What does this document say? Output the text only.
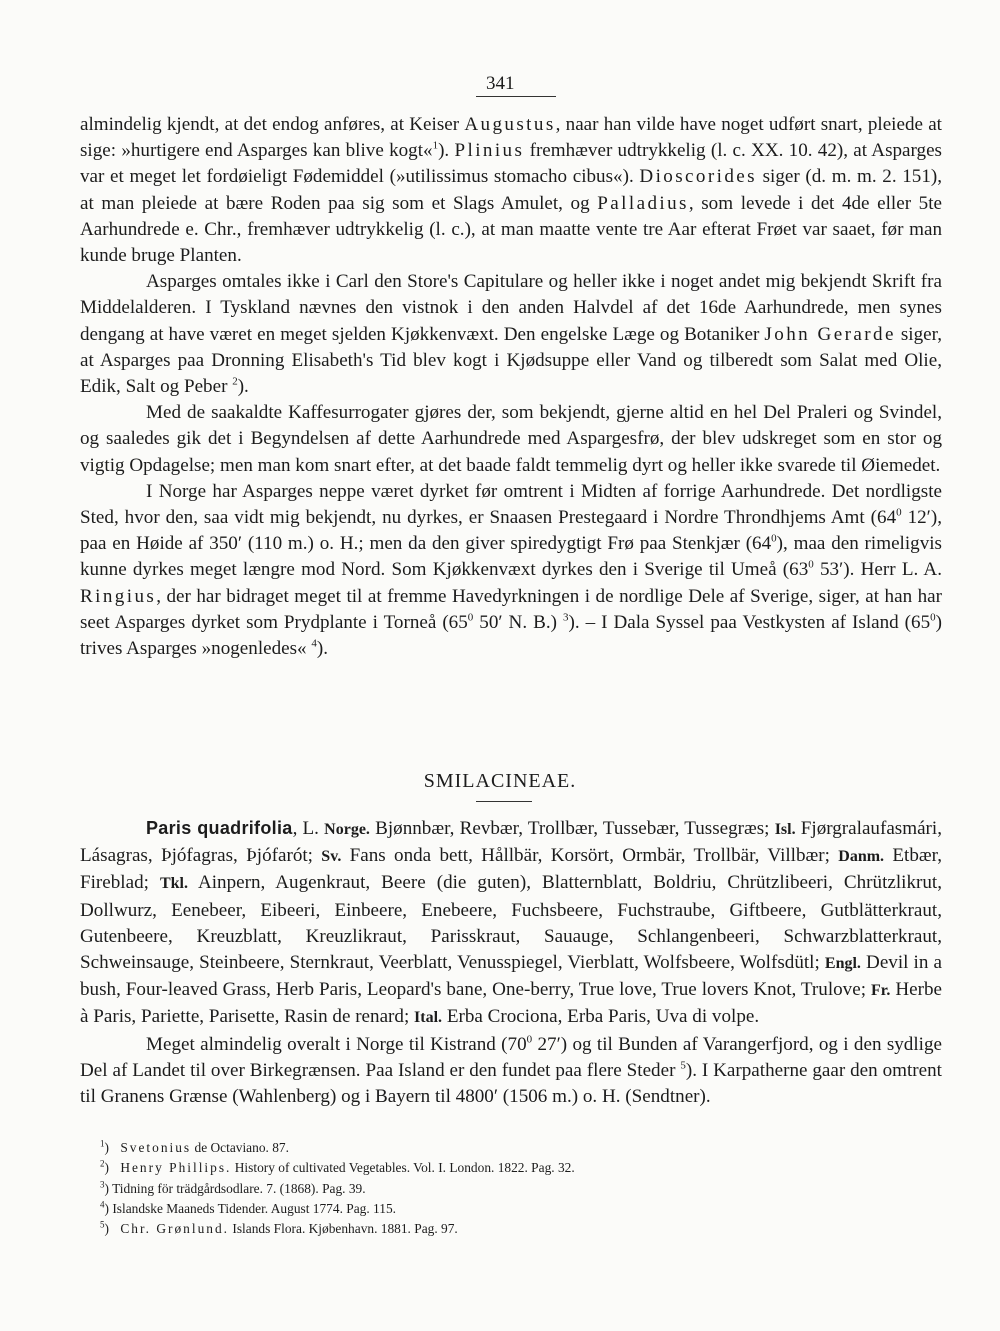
341

almindelig kjendt, at det endog anføres, at Keiser Augustus, naar han vilde have noget udført snart, pleiede at sige: »hurtigere end Asparges kan blive kogt«$^1$). Plinius fremhæver udtrykkelig (l. c. XX. 10. 42), at Asparges var et meget let fordøieligt Fødemiddel (»utilissimus stomacho cibus«). Dioscorides siger (d. m. m. 2. 151), at man pleiede at bære Roden paa sig som et Slags Amulet, og Palladius, som levede i det 4de eller 5te Aarhundrede e. Chr., fremhæver udtrykkelig (l. c.), at man maatte vente tre Aar efterat Frøet var saaet, før man kunde bruge Planten.

Asparges omtales ikke i Carl den Store's Capitulare og heller ikke i noget andet mig bekjendt Skrift fra Middelalderen. I Tyskland nævnes den vistnok i den anden Halvdel af det 16de Aarhundrede, men synes dengang at have været en meget sjelden Kjøkkenvæxt. Den engelske Læge og Botaniker John Gerarde siger, at Asparges paa Dronning Elisabeth's Tid blev kogt i Kjødsuppe eller Vand og tilberedt som Salat med Olie, Edik, Salt og Peber $^2$).

Med de saakaldte Kaffesurrogater gjøres der, som bekjendt, gjerne altid en hel Del Praleri og Svindel, og saaledes gik det i Begyndelsen af dette Aarhundrede med Aspargesfrø, der blev udskreget som en stor og vigtig Opdagelse; men man kom snart efter, at det baade faldt temmelig dyrt og heller ikke svarede til Øiemedet.

I Norge har Asparges neppe været dyrket før omtrent i Midten af forrige Aarhundrede. Det nordligste Sted, hvor den, saa vidt mig bekjendt, nu dyrkes, er Snaasen Prestegaard i Nordre Throndhjems Amt ($64^0$ 12′), paa en Høide af 350′ (110 m.) o. H.; men da den giver spiredygtigt Frø paa Stenkjær $(64^0)$, maa den rimeligvis kunne dyrkes meget længre mod Nord. Som Kjøkkenvæxt dyrkes den i Sverige til Umeå ($63^0$ 53′). Herr L. A. Ringius, der har bidraget meget til at fremme Havedyrkningen i de nordlige Dele af Sverige, siger, at han har seet Asparges dyrket som Prydplante i Torneå ($65^0$ 50′ N. B.) $^3$). – I Dala Syssel paa Vestkysten af Island $(65^0)$ trives Asparges »nogenledes« $^4$).

SMILACINEAE.

Paris quadrifolia, L. Norge. Bjønnbær, Revbær, Trollbær, Tussebær, Tussegræs; Isl. Fjørgralaufasmári, Lásagras, Þjófagras, Þjófarót; Sv. Fans onda bett, Hållbär, Korsört, Ormbär, Trollbär, Villbær; Danm. Etbær, Fireblad; Tkl. Ainpern, Augenkraut, Beere (die guten), Blatternblatt, Boldriu, Chrützlibeeri, Chrützlikrut, Dollwurz, Eenebeer, Eibeeri, Einbeere, Enebeere, Fuchsbeere, Fuchstraube, Giftbeere, Gutblätterkraut, Gutenbeere, Kreuzblatt, Kreuzlikraut, Parisskraut, Sauauge, Schlangenbeeri, Schwarzblatterkraut, Schweinsauge, Steinbeere, Sternkraut, Veerblatt, Venusspiegel, Vierblatt, Wolfsbeere, Wolfsdütl; Engl. Devil in a bush, Four-leaved Grass, Herb Paris, Leopard's bane, One-berry, True love, True lovers Knot, Trulove; Fr. Herbe à Paris, Pariette, Parisette, Rasin de renard; Ital. Erba Crociona, Erba Paris, Uva di volpe.

Meget almindelig overalt i Norge til Kistrand ($70^0$ 27′) og til Bunden af Varangerfjord, og i den sydlige Del af Landet til over Birkegrænsen. Paa Island er den fundet paa flere Steder $^5$). I Karpatherne gaar den omtrent til Granens Grænse (Wahlenberg) og i Bayern til 4800′ (1506 m.) o. H. (Sendtner).

$^1$) Svetonius de Octaviano. 87.
$^2$) Henry Phillips. History of cultivated Vegetables. Vol. I. London. 1822. Pag. 32.
$^3$) Tidning för trädgårdsodlare. 7. (1868). Pag. 39.
$^4$) Islandske Maaneds Tidender. August 1774. Pag. 115.
$^5$) Chr. Grønlund. Islands Flora. Kjøbenhavn. 1881. Pag. 97.
